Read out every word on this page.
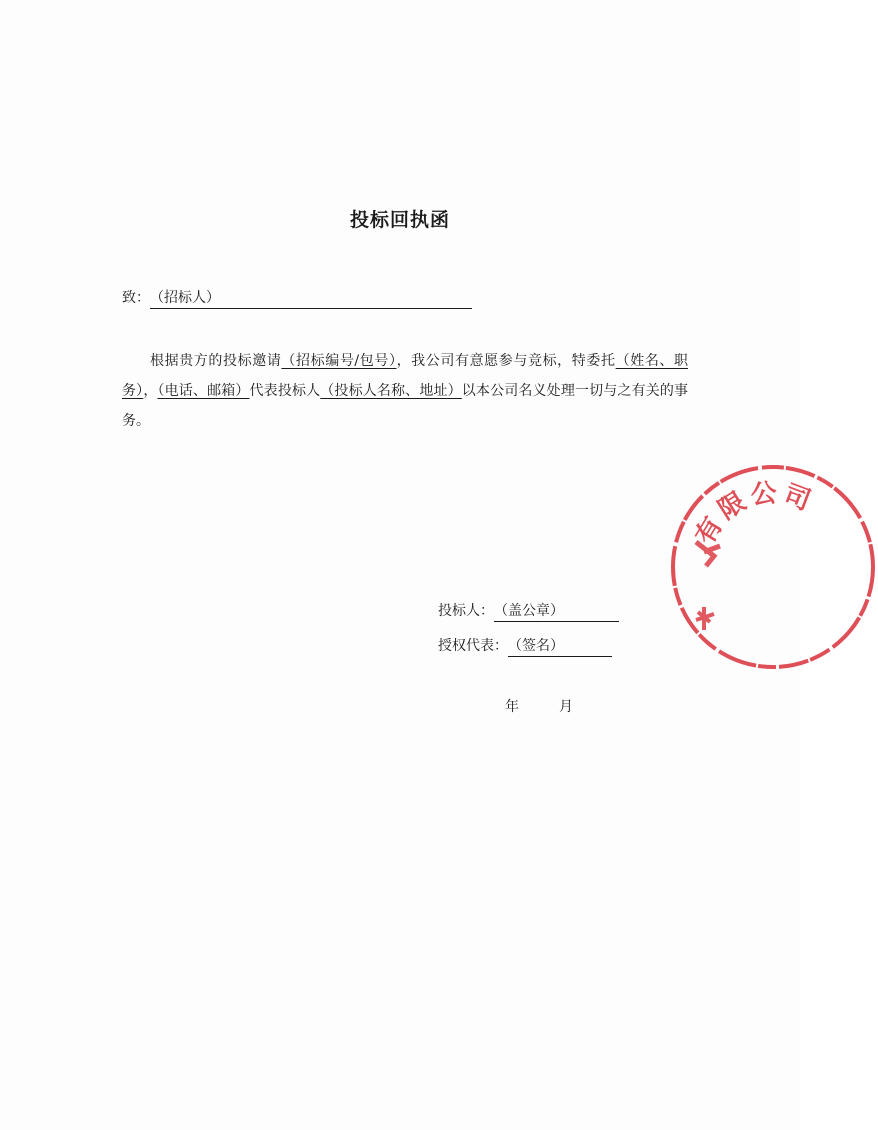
投标回执函
致：（招标人）
根据贵方的投标邀请（招标编号/包号），我公司有意愿参与竞标，特委托（姓名、职务），（电话、邮箱）代表投标人（投标人名称、地址）以本公司名义处理一切与之有关的事务。
投标人：（盖公章）
授权代表：（签名）
年	月
有限公司
